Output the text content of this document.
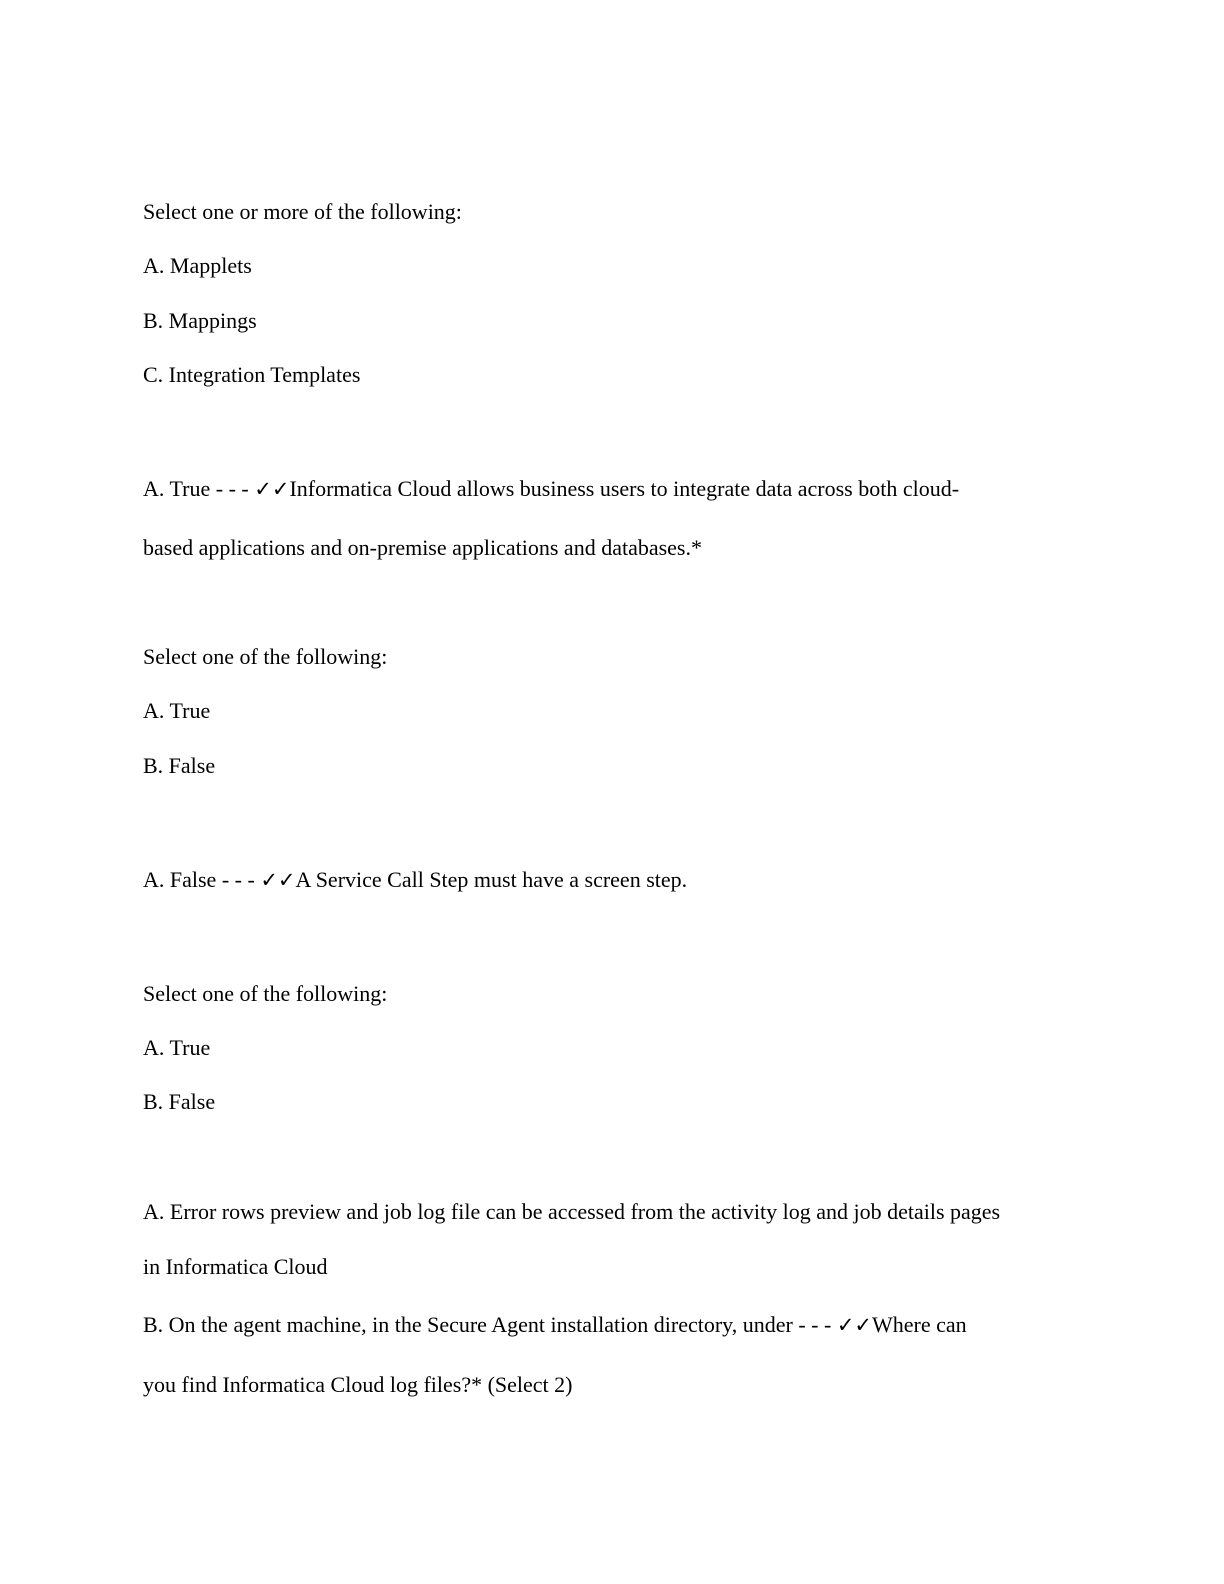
Select one or more of the following:
A. Mapplets
B. Mappings
C. Integration Templates
A. True - - - ✓✓Informatica Cloud allows business users to integrate data across both cloud-
based applications and on-premise applications and databases.*
Select one of the following:
A. True
B. False
A. False - - - ✓✓A Service Call Step must have a screen step.
Select one of the following:
A. True
B. False
A. Error rows preview and job log file can be accessed from the activity log and job details pages
in Informatica Cloud
B. On the agent machine, in the Secure Agent installation directory, under - - - ✓✓Where can
you find Informatica Cloud log files?* (Select 2)
